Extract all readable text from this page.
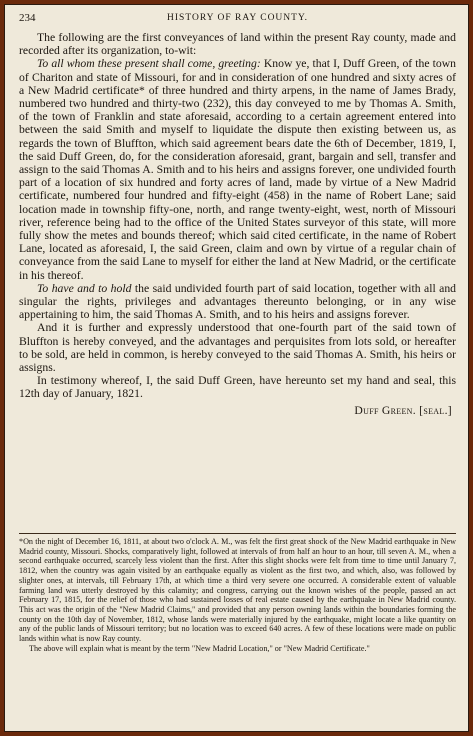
234	HISTORY OF RAY COUNTY.

The following are the first conveyances of land within the present Ray county, made and recorded after its organization, to-wit:

To all whom these present shall come, greeting: Know ye, that I, Duff Green, of the town of Chariton and state of Missouri, for and in consideration of one hundred and sixty acres of a New Madrid certificate* of three hundred and thirty arpens, in the name of James Brady, numbered two hundred and thirty-two (232), this day conveyed to me by Thomas A. Smith, of the town of Franklin and state aforesaid, according to a certain agreement entered into between the said Smith and myself to liquidate the dispute then existing between us, as regards the town of Bluffton, which said agreement bears date the 6th of December, 1819, I, the said Duff Green, do, for the consideration aforesaid, grant, bargain and sell, transfer and assign to the said Thomas A. Smith and to his heirs and assigns forever, one undivided fourth part of a location of six hundred and forty acres of land, made by virtue of a New Madrid certificate, numbered four hundred and fifty-eight (458) in the name of Robert Lane; said location made in township fifty-one, north, and range twenty-eight, west, north of Missouri river, reference being had to the office of the United States surveyor of this state, will more fully show the metes and bounds thereof; which said cited certificate, in the name of Robert Lane, located as aforesaid, I, the said Green, claim and own by virtue of a regular chain of conveyance from the said Lane to myself for either the land at New Madrid, or the certificate in his thereof.

To have and to hold the said undivided fourth part of said location, together with all and singular the rights, privileges and advantages thereunto belonging, or in any wise appertaining to him, the said Thomas A. Smith, and to his heirs and assigns forever.

And it is further and expressly understood that one-fourth part of the said town of Bluffton is hereby conveyed, and the advantages and perquisites from lots sold, or hereafter to be sold, are held in common, is hereby conveyed to the said Thomas A. Smith, his heirs or assigns.

In testimony whereof, I, the said Duff Green, have hereunto set my hand and seal, this 12th day of January, 1821.

Duff Green. [seal.]

*On the night of December 16, 1811, at about two o'clock A. M., was felt the first great shock of the New Madrid earthquake in New Madrid county, Missouri. Shocks, comparatively light, followed at intervals of from half an hour to an hour, till seven A. M., when a second earthquake occurred, scarcely less violent than the first. After this slight shocks were felt from time to time until January 7, 1812, when the country was again visited by an earthquake equally as violent as the first two, and which, also, was followed by slighter ones, at intervals, till February 17th, at which time a third very severe one occurred. A considerable extent of valuable farming land was utterly destroyed by this calamity; and congress, carrying out the known wishes of the people, passed an act February 17, 1815, for the relief of those who had sustained losses of real estate caused by the earthquake in New Madrid county. This act was the origin of the "New Madrid Claims," and provided that any person owning lands within the boundaries forming the county on the 10th day of November, 1812, whose lands were materially injured by the earthquake, might locate a like quantity on any of the public lands of Missouri territory; but no location was to exceed 640 acres. A few of these locations were made on public lands within what is now Ray county.

The above will explain what is meant by the term "New Madrid Location," or "New Madrid Certificate."
